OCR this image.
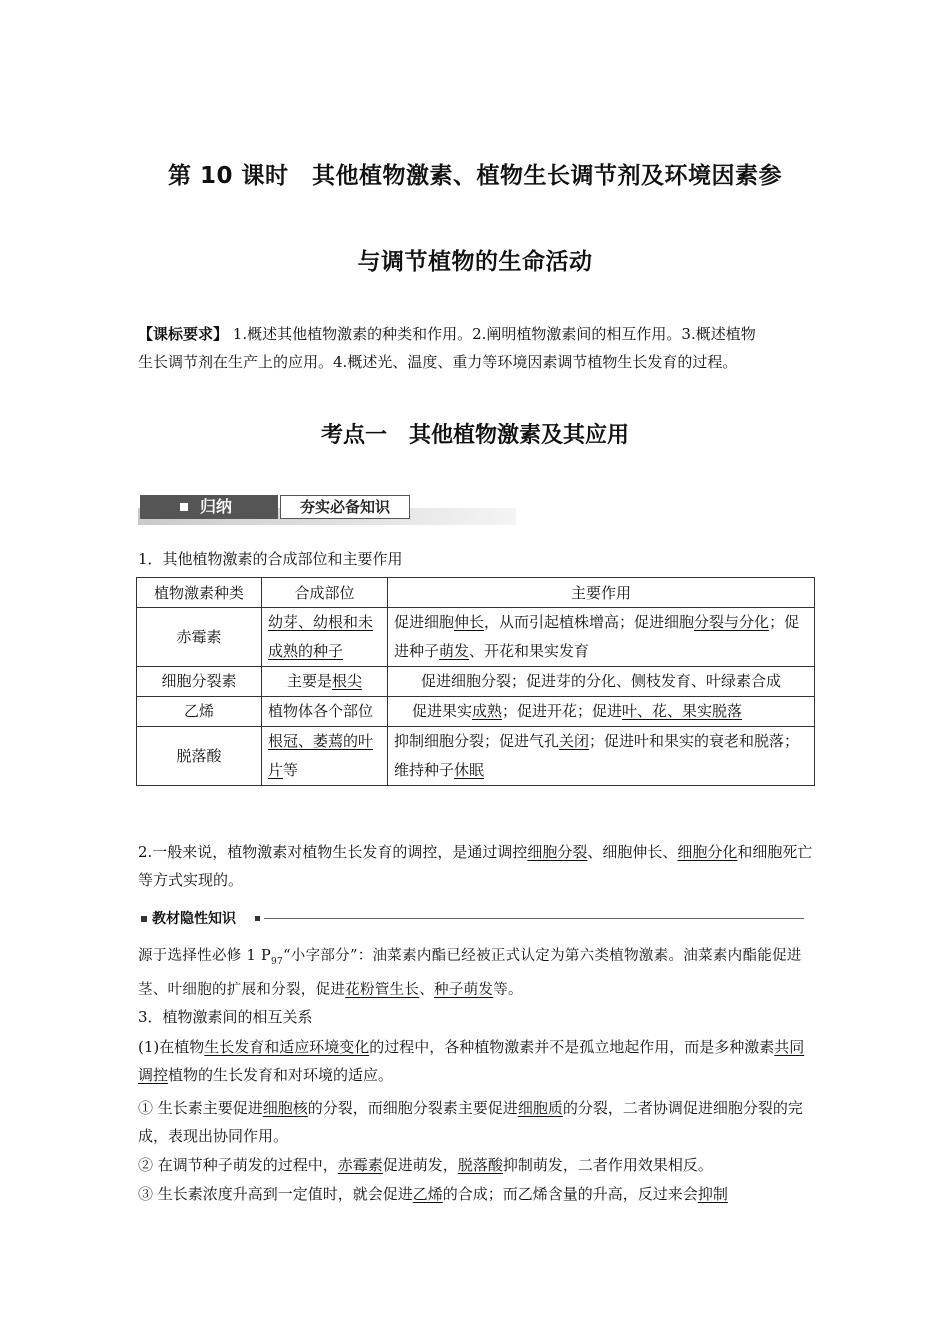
第 10 课时　其他植物激素、植物生长调节剂及环境因素参
与调节植物的生命活动
【课标要求】 1.概述其他植物激素的种类和作用。2.阐明植物激素间的相互作用。3.概述植物
生长调节剂在生产上的应用。4.概述光、温度、重力等环境因素调节植物生长发育的过程。
考点一　其他植物激素及其应用
归纳	夯实必备知识
1．其他植物激素的合成部位和主要作用
植物激素种类	合成部位	主要作用
赤霉素	幼芽、幼根和未成熟的种子	促进细胞伸长，从而引起植株增高；促进细胞分裂与分化；促进种子萌发、开花和果实发育
细胞分裂素	主要是根尖	促进细胞分裂；促进芽的分化、侧枝发育、叶绿素合成
乙烯	植物体各个部位	促进果实成熟；促进开花；促进叶、花、果实脱落
脱落酸	根冠、萎蔫的叶片等	抑制细胞分裂；促进气孔关闭；促进叶和果实的衰老和脱落；维持种子休眠
2.一般来说，植物激素对植物生长发育的调控，是通过调控细胞分裂、细胞伸长、细胞分化和细胞死亡等方式实现的。
教材隐性知识
源于选择性必修 1 $P_{97}“$小字部分”：油菜素内酯已经被正式认定为第六类植物激素。油菜素内酯能促进茎、叶细胞的扩展和分裂，促进花粉管生长、种子萌发等。
3．植物激素间的相互关系
(1)在植物生长发育和适应环境变化的过程中，各种植物激素并不是孤立地起作用，而是多种激素共同调控植物的生长发育和对环境的适应。
① 生长素主要促进细胞核的分裂，而细胞分裂素主要促进细胞质的分裂，二者协调促进细胞分裂的完成，表现出协同作用。
② 在调节种子萌发的过程中，赤霉素促进萌发，脱落酸抑制萌发，二者作用效果相反。
③ 生长素浓度升高到一定值时，就会促进乙烯的合成；而乙烯含量的升高，反过来会抑制
